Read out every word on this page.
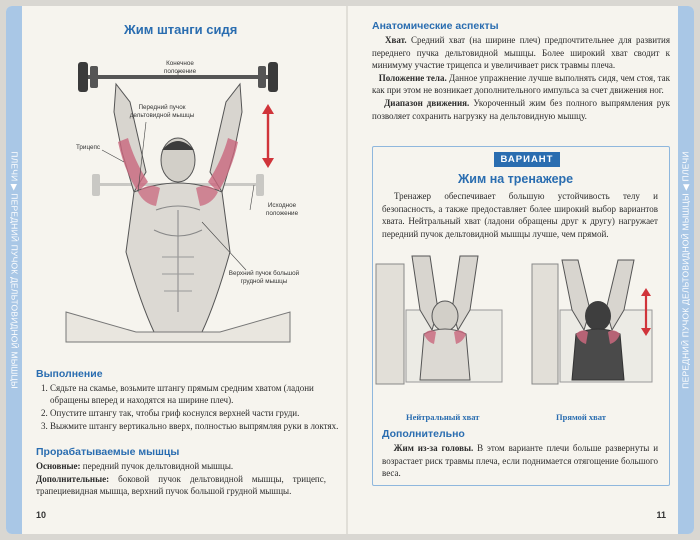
ПЛЕЧИ ▶ ПЕРЕДНИЙ ПУЧОК ДЕЛЬТОВИДНОЙ МЫШЦЫ
Жим штанги сидя
Конечное положение
Передний пучок дельтовидной мышцы
Трицепс
Исходное положение
Верхний пучок большой грудной мышцы
Выполнение
1. Сядьте на скамье, возьмите штангу прямым средним хватом (ладони обращены вперед и находятся на ширине плеч).
2. Опустите штангу так, чтобы гриф коснулся верхней части груди.
3. Выжмите штангу вертикально вверх, полностью выпрямляя руки в локтях.
Прорабатываемые мышцы
Основные: передний пучок дельтовидной мышцы.
Дополнительные: боковой пучок дельтовидной мышцы, трицепс, трапециевидная мышца, верхний пучок большой грудной мышцы.
10
ПЕРЕДНИЙ ПУЧОК ДЕЛЬТОВИДНОЙ МЫШЦЫ ◀ ПЛЕЧИ
Анатомические аспекты
Хват. Средний хват (на ширине плеч) предпочтительнее для развития переднего пучка дельтовидной мышцы. Более широкий хват сводит к минимуму участие трицепса и увеличивает риск травмы плеча.
Положение тела. Данное упражнение лучше выполнять сидя, чем стоя, так как при этом не возникает дополнительного импульса за счет движения ног.
Диапазон движения. Укороченный жим без полного выпрямления рук позволяет сохранить нагрузку на дельтовидную мышцу.
ВАРИАНТ
Жим на тренажере
Тренажер обеспечивает большую устойчивость телу и безопасность, а также предоставляет более широкий выбор вариантов хвата. Нейтральный хват (ладони обращены друг к другу) нагружает передний пучок дельтовидной мышцы лучше, чем прямой.
Нейтральный хват	Прямой хват
Дополнительно
Жим из-за головы. В этом варианте плечи больше развернуты и возрастает риск травмы плеча, если поднимается отягощение большого веса.
11
